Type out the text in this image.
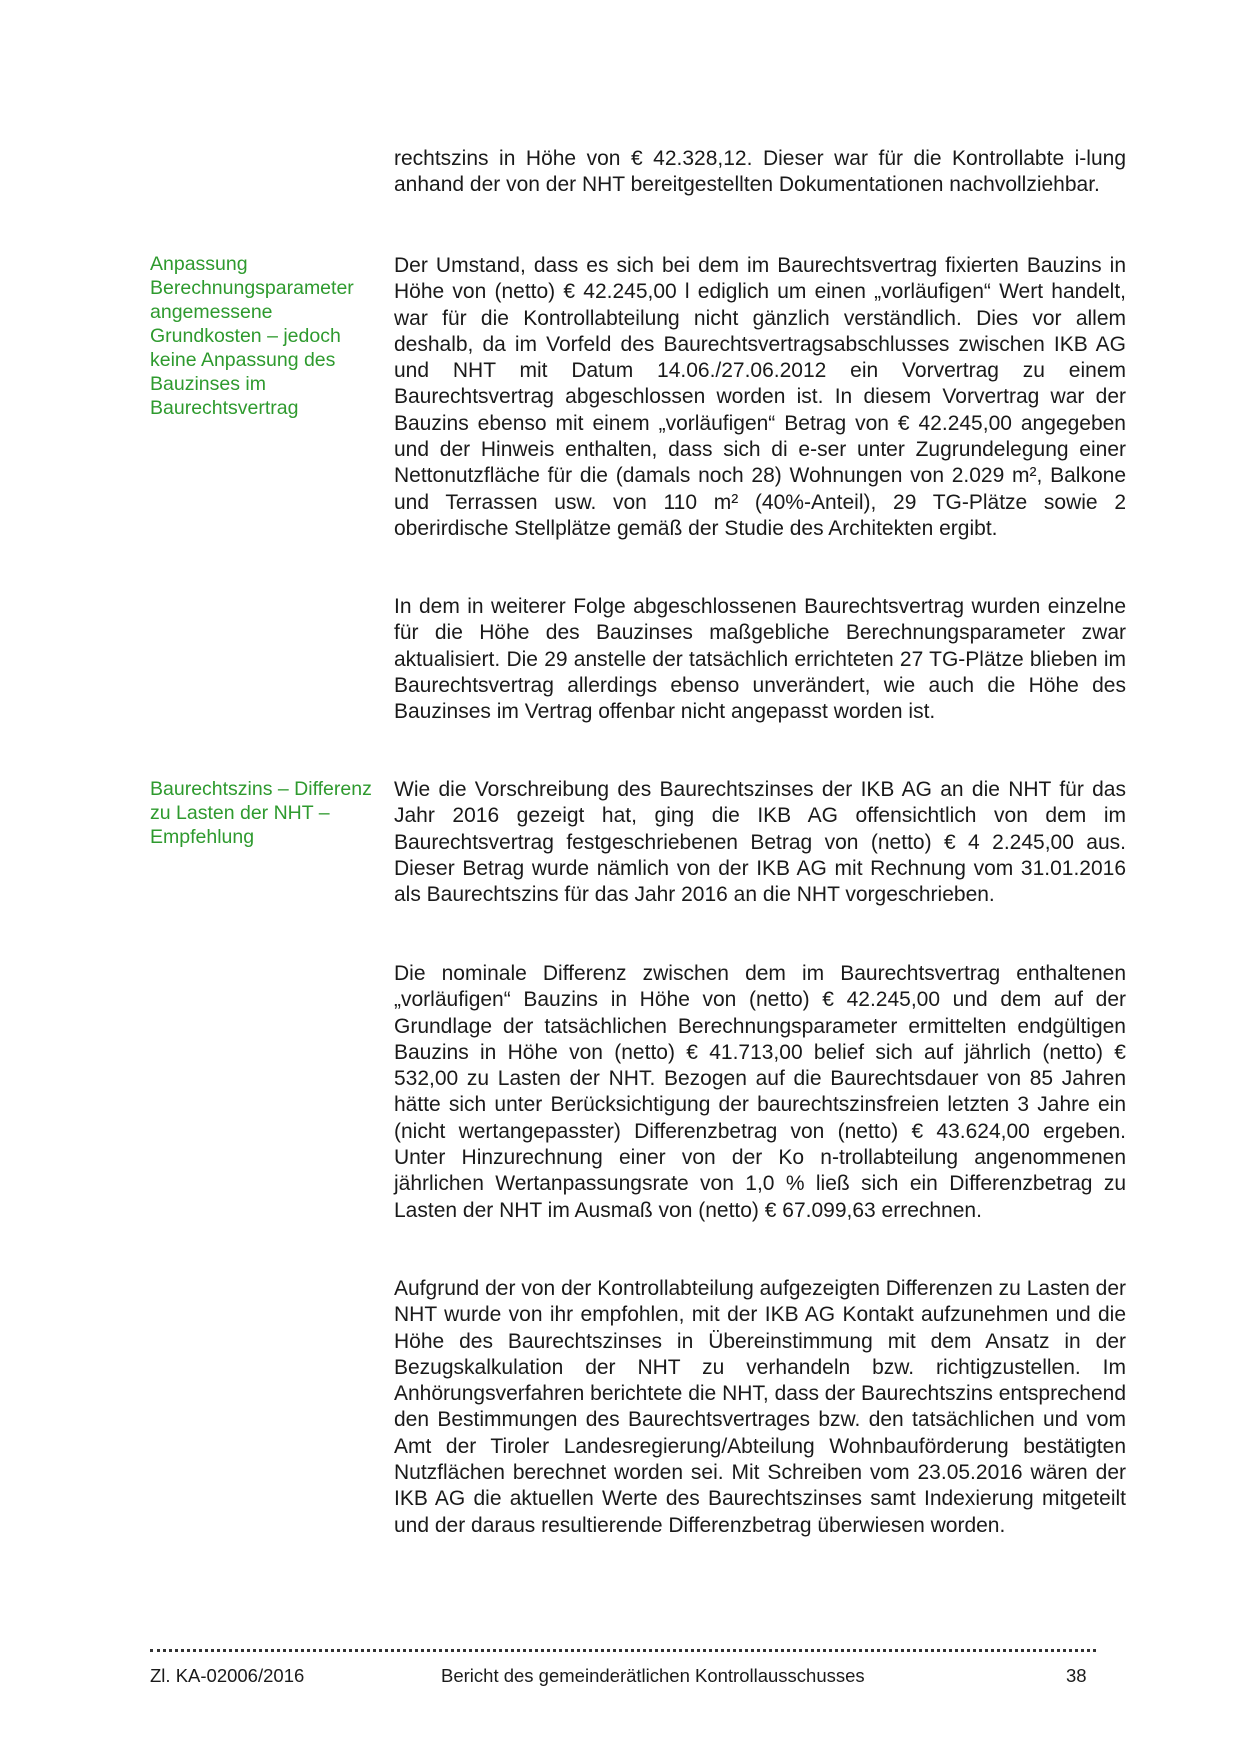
Anpassung Berechnungsparameter angemessene Grundkosten – jedoch keine Anpassung des Bauzinses im Baurechtsvertrag
Baurechtszins – Differenz zu Lasten der NHT – Empfehlung

rechtszins in Höhe von € 42.328,12. Dieser war für die Kontrollabte i-lung anhand der von der NHT bereitgestellten Dokumentationen nachvollziehbar.

Der Umstand, dass es sich bei dem im Baurechtsvertrag fixierten Bauzins in Höhe von (netto) € 42.245,00 l ediglich um einen „vorläufigen“ Wert handelt, war für die Kontrollabteilung nicht gänzlich verständlich. Dies vor allem deshalb, da im Vorfeld des Baurechtsvertragsabschlusses zwischen IKB AG und NHT mit Datum 14.06./27.06.2012 ein Vorvertrag zu einem Baurechtsvertrag abgeschlossen worden ist. In diesem Vorvertrag war der Bauzins ebenso mit einem „vorläufigen“ Betrag von € 42.245,00 angegeben und der Hinweis enthalten, dass sich di e-ser unter Zugrundelegung einer Nettonutzfläche für die (damals noch 28) Wohnungen von 2.029 m², Balkone und Terrassen usw. von 110 m² (40%-Anteil), 29 TG-Plätze sowie 2 oberirdische Stellplätze gemäß der Studie des Architekten ergibt.

In dem in weiterer Folge abgeschlossenen Baurechtsvertrag wurden einzelne für die Höhe des Bauzinses maßgebliche Berechnungsparameter zwar aktualisiert. Die 29 anstelle der tatsächlich errichteten 27 TG-Plätze blieben im Baurechtsvertrag allerdings ebenso unverändert, wie auch die Höhe des Bauzinses im Vertrag offenbar nicht angepasst worden ist.

Wie die Vorschreibung des Baurechtszinses der IKB AG an die NHT für das Jahr 2016 gezeigt hat, ging die IKB AG offensichtlich von dem im Baurechtsvertrag festgeschriebenen Betrag von (netto) € 4 2.245,00 aus. Dieser Betrag wurde nämlich von der IKB AG mit Rechnung vom 31.01.2016 als Baurechtszins für das Jahr 2016 an die NHT vorgeschrieben.

Die nominale Differenz zwischen dem im Baurechtsvertrag enthaltenen „vorläufigen“ Bauzins in Höhe von (netto) € 42.245,00 und dem auf der Grundlage der tatsächlichen Berechnungsparameter ermittelten endgültigen Bauzins in Höhe von (netto) € 41.713,00 belief sich auf jährlich (netto) € 532,00 zu Lasten der NHT. Bezogen auf die Baurechtsdauer von 85 Jahren hätte sich unter Berücksichtigung der baurechtszinsfreien letzten 3 Jahre ein (nicht wertangepasster) Differenzbetrag von (netto) € 43.624,00 ergeben. Unter Hinzurechnung einer von der Ko n-trollabteilung angenommenen jährlichen Wertanpassungsrate von 1,0 % ließ sich ein Differenzbetrag zu Lasten der NHT im Ausmaß von (netto) € 67.099,63 errechnen.

Aufgrund der von der Kontrollabteilung aufgezeigten Differenzen zu Lasten der NHT wurde von ihr empfohlen, mit der IKB AG Kontakt aufzunehmen und die Höhe des Baurechtszinses in Übereinstimmung mit dem Ansatz in der Bezugskalkulation der NHT zu verhandeln bzw. richtigzustellen. Im Anhörungsverfahren berichtete die NHT, dass der Baurechtszins entsprechend den Bestimmungen des Baurechtsvertrages bzw. den tatsächlichen und vom Amt der Tiroler Landesregierung/Abteilung Wohnbauförderung bestätigten Nutzflächen berechnet worden sei. Mit Schreiben vom 23.05.2016 wären der IKB AG die aktuellen Werte des Baurechtszinses samt Indexierung mitgeteilt und der daraus resultierende Differenzbetrag überwiesen worden.

Zl. KA-02006/2016	Bericht des gemeinderätlichen Kontrollausschusses	38
